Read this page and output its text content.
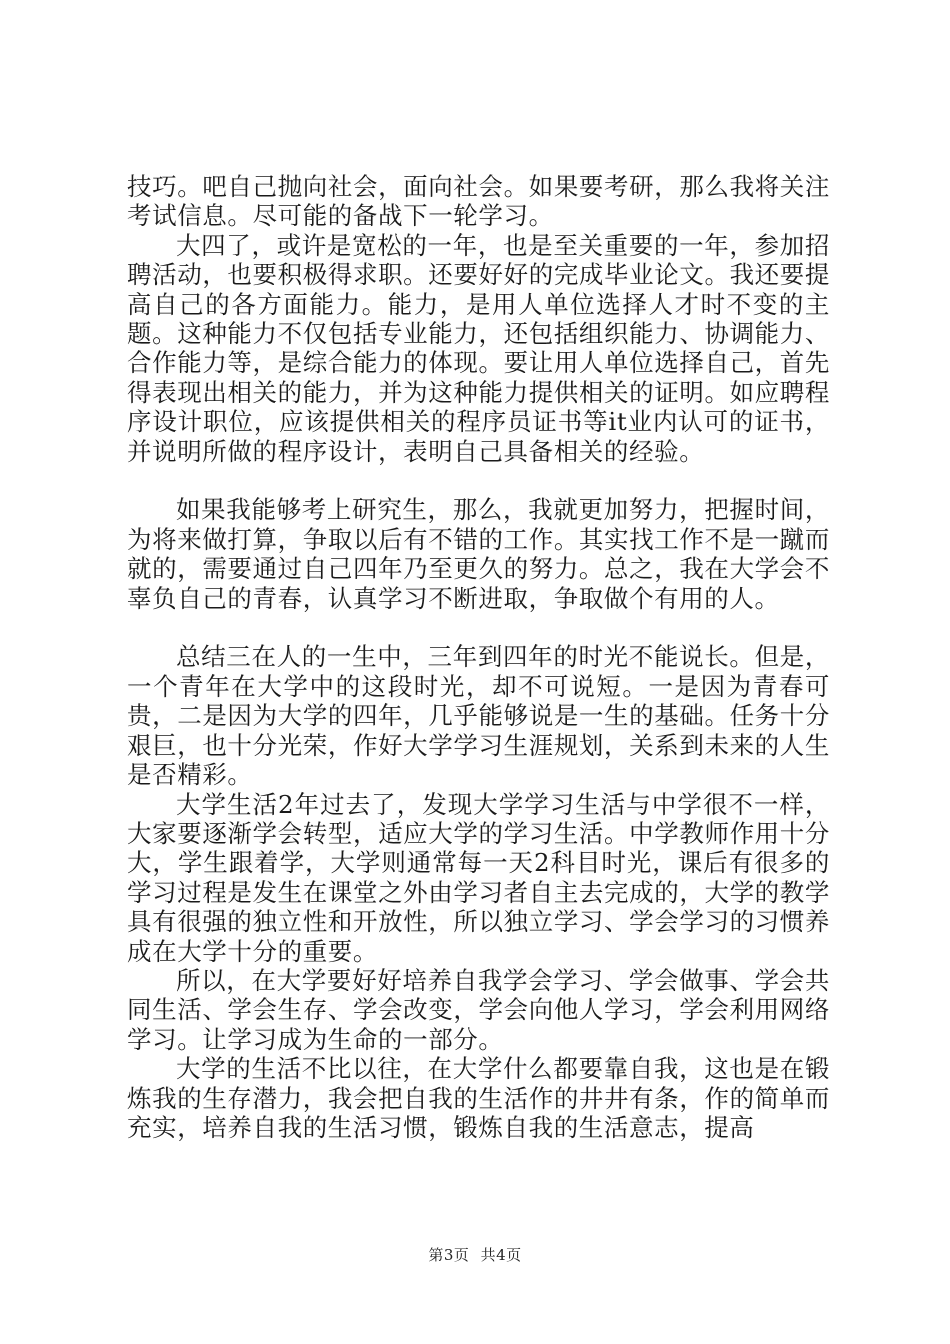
技巧。吧自己抛向社会，面向社会。如果要考研，那么我将关注考试信息。尽可能的备战下一轮学习。

大四了，或许是宽松的一年，也是至关重要的一年，参加招聘活动，也要积极得求职。还要好好的完成毕业论文。我还要提高自己的各方面能力。能力，是用人单位选择人才时不变的主题。这种能力不仅包括专业能力，还包括组织能力、协调能力、合作能力等，是综合能力的体现。要让用人单位选择自己，首先得表现出相关的能力，并为这种能力提供相关的证明。如应聘程序设计职位，应该提供相关的程序员证书等it业内认可的证书，并说明所做的程序设计，表明自己具备相关的经验。

如果我能够考上研究生，那么，我就更加努力，把握时间，为将来做打算，争取以后有不错的工作。其实找工作不是一蹴而就的，需要通过自己四年乃至更久的努力。总之，我在大学会不辜负自己的青春，认真学习不断进取，争取做个有用的人。

总结三在人的一生中，三年到四年的时光不能说长。但是，一个青年在大学中的这段时光，却不可说短。一是因为青春可贵，二是因为大学的四年，几乎能够说是一生的基础。任务十分艰巨，也十分光荣，作好大学学习生涯规划，关系到未来的人生是否精彩。

大学生活2年过去了，发现大学学习生活与中学很不一样，大家要逐渐学会转型，适应大学的学习生活。中学教师作用十分大，学生跟着学，大学则通常每一天2科目时光，课后有很多的学习过程是发生在课堂之外由学习者自主去完成的，大学的教学具有很强的独立性和开放性，所以独立学习、学会学习的习惯养成在大学十分的重要。

所以，在大学要好好培养自我学会学习、学会做事、学会共同生活、学会生存、学会改变，学会向他人学习，学会利用网络学习。让学习成为生命的一部分。

大学的生活不比以往，在大学什么都要靠自我，这也是在锻炼我的生存潜力，我会把自我的生活作的井井有条，作的简单而充实，培养自我的生活习惯，锻炼自我的生活意志，提高

第3页 共4页
